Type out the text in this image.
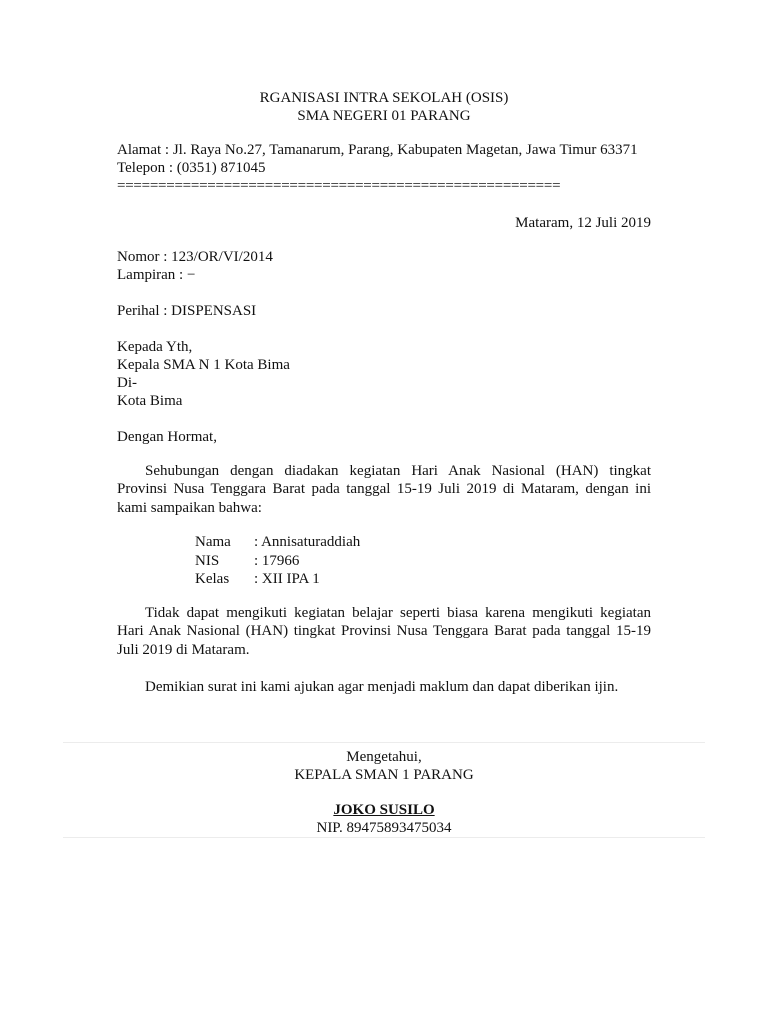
RGANISASI INTRA SEKOLAH (OSIS)
SMA NEGERI 01 PARANG
Alamat : Jl. Raya No.27, Tamanarum, Parang, Kabupaten Magetan, Jawa Timur 63371
Telepon : (0351) 871045
======================================================
Mataram, 12 Juli 2019
Nomor : 123/OR/VI/2014
Lampiran : −
Perihal : DISPENSASI
Kepada Yth,
Kepala SMA N 1 Kota Bima
Di-
Kota Bima
Dengan Hormat,
Sehubungan dengan diadakan kegiatan Hari Anak Nasional (HAN) tingkat
Provinsi Nusa Tenggara Barat pada tanggal 15-19 Juli 2019 di Mataram, dengan ini
kami sampaikan bahwa:
Nama : Annisaturaddiah
NIS : 17966
Kelas : XII IPA 1
Tidak dapat mengikuti kegiatan belajar seperti biasa karena mengikuti kegiatan
Hari Anak Nasional (HAN) tingkat Provinsi Nusa Tenggara Barat pada tanggal 15-19
Juli 2019 di Mataram.
Demikian surat ini kami ajukan agar menjadi maklum dan dapat diberikan ijin.
Mengetahui,
KEPALA SMAN 1 PARANG
JOKO SUSILO
NIP. 89475893475034
